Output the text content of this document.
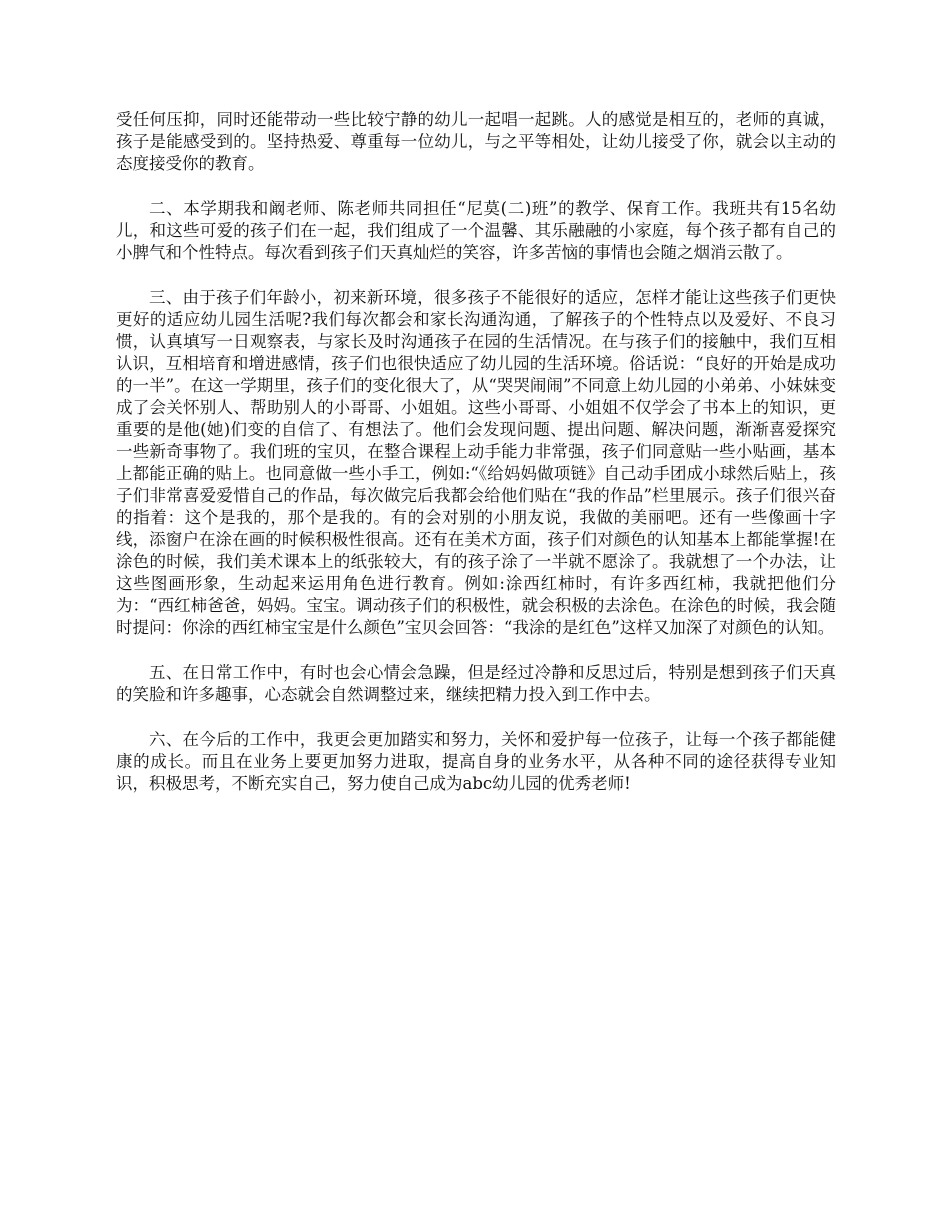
受任何压抑，同时还能带动一些比较宁静的幼儿一起唱一起跳。人的感觉是相互的，老师的真诚，孩子是能感受到的。坚持热爱、尊重每一位幼儿，与之平等相处，让幼儿接受了你，就会以主动的态度接受你的教育。

二、本学期我和阚老师、陈老师共同担任“尼莫(二)班”的教学、保育工作。我班共有15名幼儿，和这些可爱的孩子们在一起，我们组成了一个温馨、其乐融融的小家庭，每个孩子都有自己的小脾气和个性特点。每次看到孩子们天真灿烂的笑容，许多苦恼的事情也会随之烟消云散了。

三、由于孩子们年龄小，初来新环境，很多孩子不能很好的适应，怎样才能让这些孩子们更快更好的适应幼儿园生活呢?我们每次都会和家长沟通沟通，了解孩子的个性特点以及爱好、不良习惯，认真填写一日观察表，与家长及时沟通孩子在园的生活情况。在与孩子们的接触中，我们互相认识，互相培育和增进感情，孩子们也很快适应了幼儿园的生活环境。俗话说：“良好的开始是成功的一半”。在这一学期里，孩子们的变化很大了，从“哭哭闹闹”不同意上幼儿园的小弟弟、小妹妹变成了会关怀别人、帮助别人的小哥哥、小姐姐。这些小哥哥、小姐姐不仅学会了书本上的知识，更重要的是他(她)们变的自信了、有想法了。他们会发现问题、提出问题、解决问题，渐渐喜爱探究一些新奇事物了。我们班的宝贝，在整合课程上动手能力非常强，孩子们同意贴一些小贴画，基本上都能正确的贴上。也同意做一些小手工，例如:“《给妈妈做项链》自己动手团成小球然后贴上，孩子们非常喜爱爱惜自己的作品，每次做完后我都会给他们贴在“我的作品”栏里展示。孩子们很兴奋的指着：这个是我的，那个是我的。有的会对别的小朋友说，我做的美丽吧。还有一些像画十字线，添窗户在涂在画的时候积极性很高。还有在美术方面，孩子们对颜色的认知基本上都能掌握!在涂色的时候，我们美术课本上的纸张较大，有的孩子涂了一半就不愿涂了。我就想了一个办法，让这些图画形象，生动起来运用角色进行教育。例如:涂西红柿时，有许多西红柿，我就把他们分为：“西红柿爸爸，妈妈。宝宝。调动孩子们的积极性，就会积极的去涂色。在涂色的时候，我会随时提问：你涂的西红柿宝宝是什么颜色”宝贝会回答：“我涂的是红色”这样又加深了对颜色的认知。

五、在日常工作中，有时也会心情会急躁，但是经过冷静和反思过后，特别是想到孩子们天真的笑脸和许多趣事，心态就会自然调整过来，继续把精力投入到工作中去。

六、在今后的工作中，我更会更加踏实和努力，关怀和爱护每一位孩子，让每一个孩子都能健康的成长。而且在业务上要更加努力进取，提高自身的业务水平，从各种不同的途径获得专业知识，积极思考，不断充实自己，努力使自己成为abc幼儿园的优秀老师!
